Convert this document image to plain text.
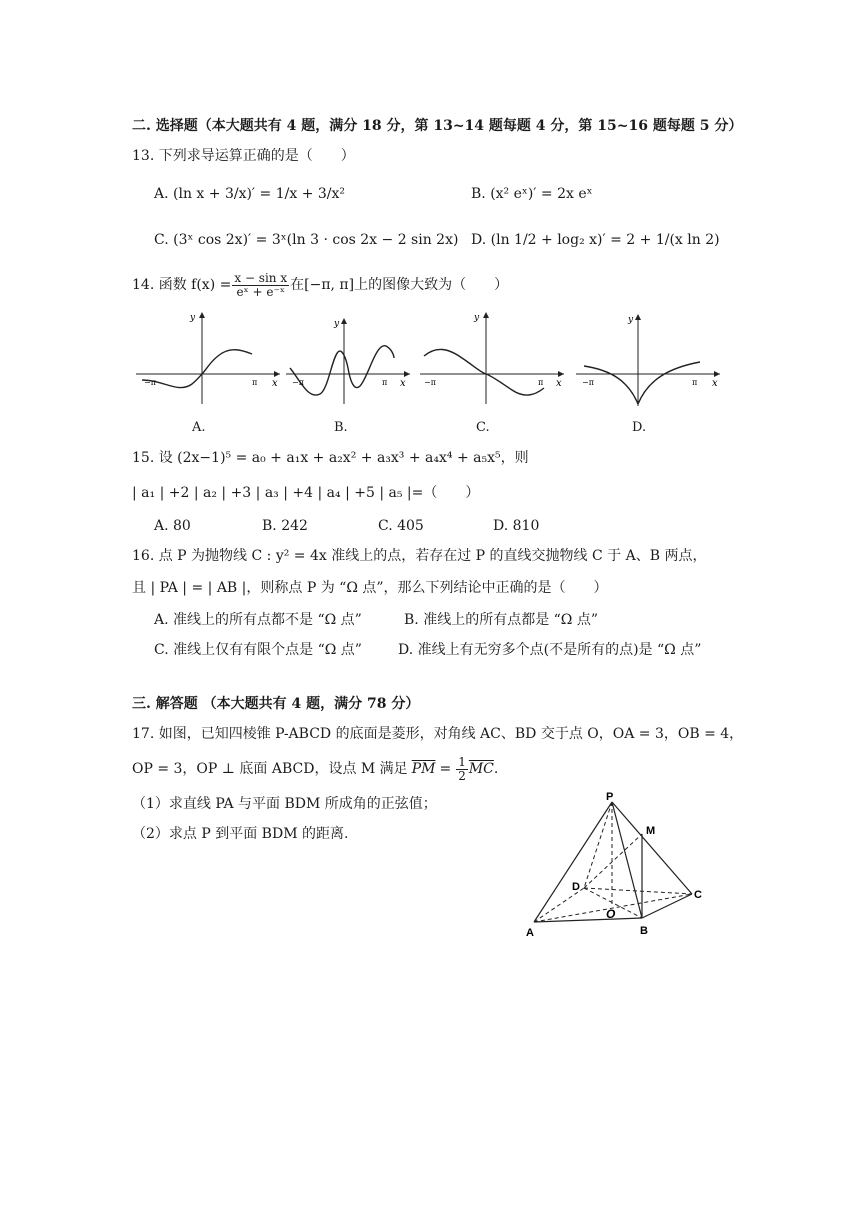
二. 选择题（本大题共有 4 题，满分 18 分，第 13~14 题每题 4 分，第 15~16 题每题 5 分）
13. 下列求导运算正确的是（　　）
A. (ln x + 3/x)′ = 1/x + 3/x²	B. (x² eˣ)′ = 2x eˣ
C. (3ˣ cos 2x)′ = 3ˣ(ln 3 · cos 2x − 2 sin 2x) D. (ln 1/2 + log₂ x)′ = 2 + 1/(x ln 2)
14. 函数 $f(x) = \frac{\text{x − sin x}}{\text{eˣ + e⁻ˣ}}$ 在[−π, π]上的图像大致为（　　）
−π	π x
y
A.
−π	π x
y
B.
−π	π x
y
C.
−π	π x
y
D.
15. 设 (2x−1)⁵ = a₀ + a₁x + a₂x² + a₃x³ + a₄x⁴ + a₅x⁵，则
| a₁ | +2 | a₂ | +3 | a₃ | +4 | a₄ | +5 | a₅ |=（　　）
A. 80	B. 242	C. 405	D. 810
16. 点 P 为抛物线 C : y² = 4x 准线上的点，若存在过 P 的直线交抛物线 C 于 A、B 两点，
且 | PA | = | AB |，则称点 P 为 “Ω 点”，那么下列结论中正确的是（　　）
A. 准线上的所有点都不是 “Ω 点”	B. 准线上的所有点都是 “Ω 点”
C. 准线上仅有有限个点是 “Ω 点”	D. 准线上有无穷多个点(不是所有的点)是 “Ω 点”
三. 解答题 （本大题共有 4 题，满分 78 分）
17. 如图，已知四棱锥 P-ABCD 的底面是菱形，对角线 AC、BD 交于点 O，OA = 3，OB = 4，
OP = 3，OP ⊥ 底面 ABCD，设点 M 满足 $\overline{PM} = \frac{1}{2} \overline{MC}$ .
（1）求直线 PA 与平面 BDM 所成角的正弦值；
（2）求点 P 到平面 BDM 的距离.
P
M
D
C
O
A	B
